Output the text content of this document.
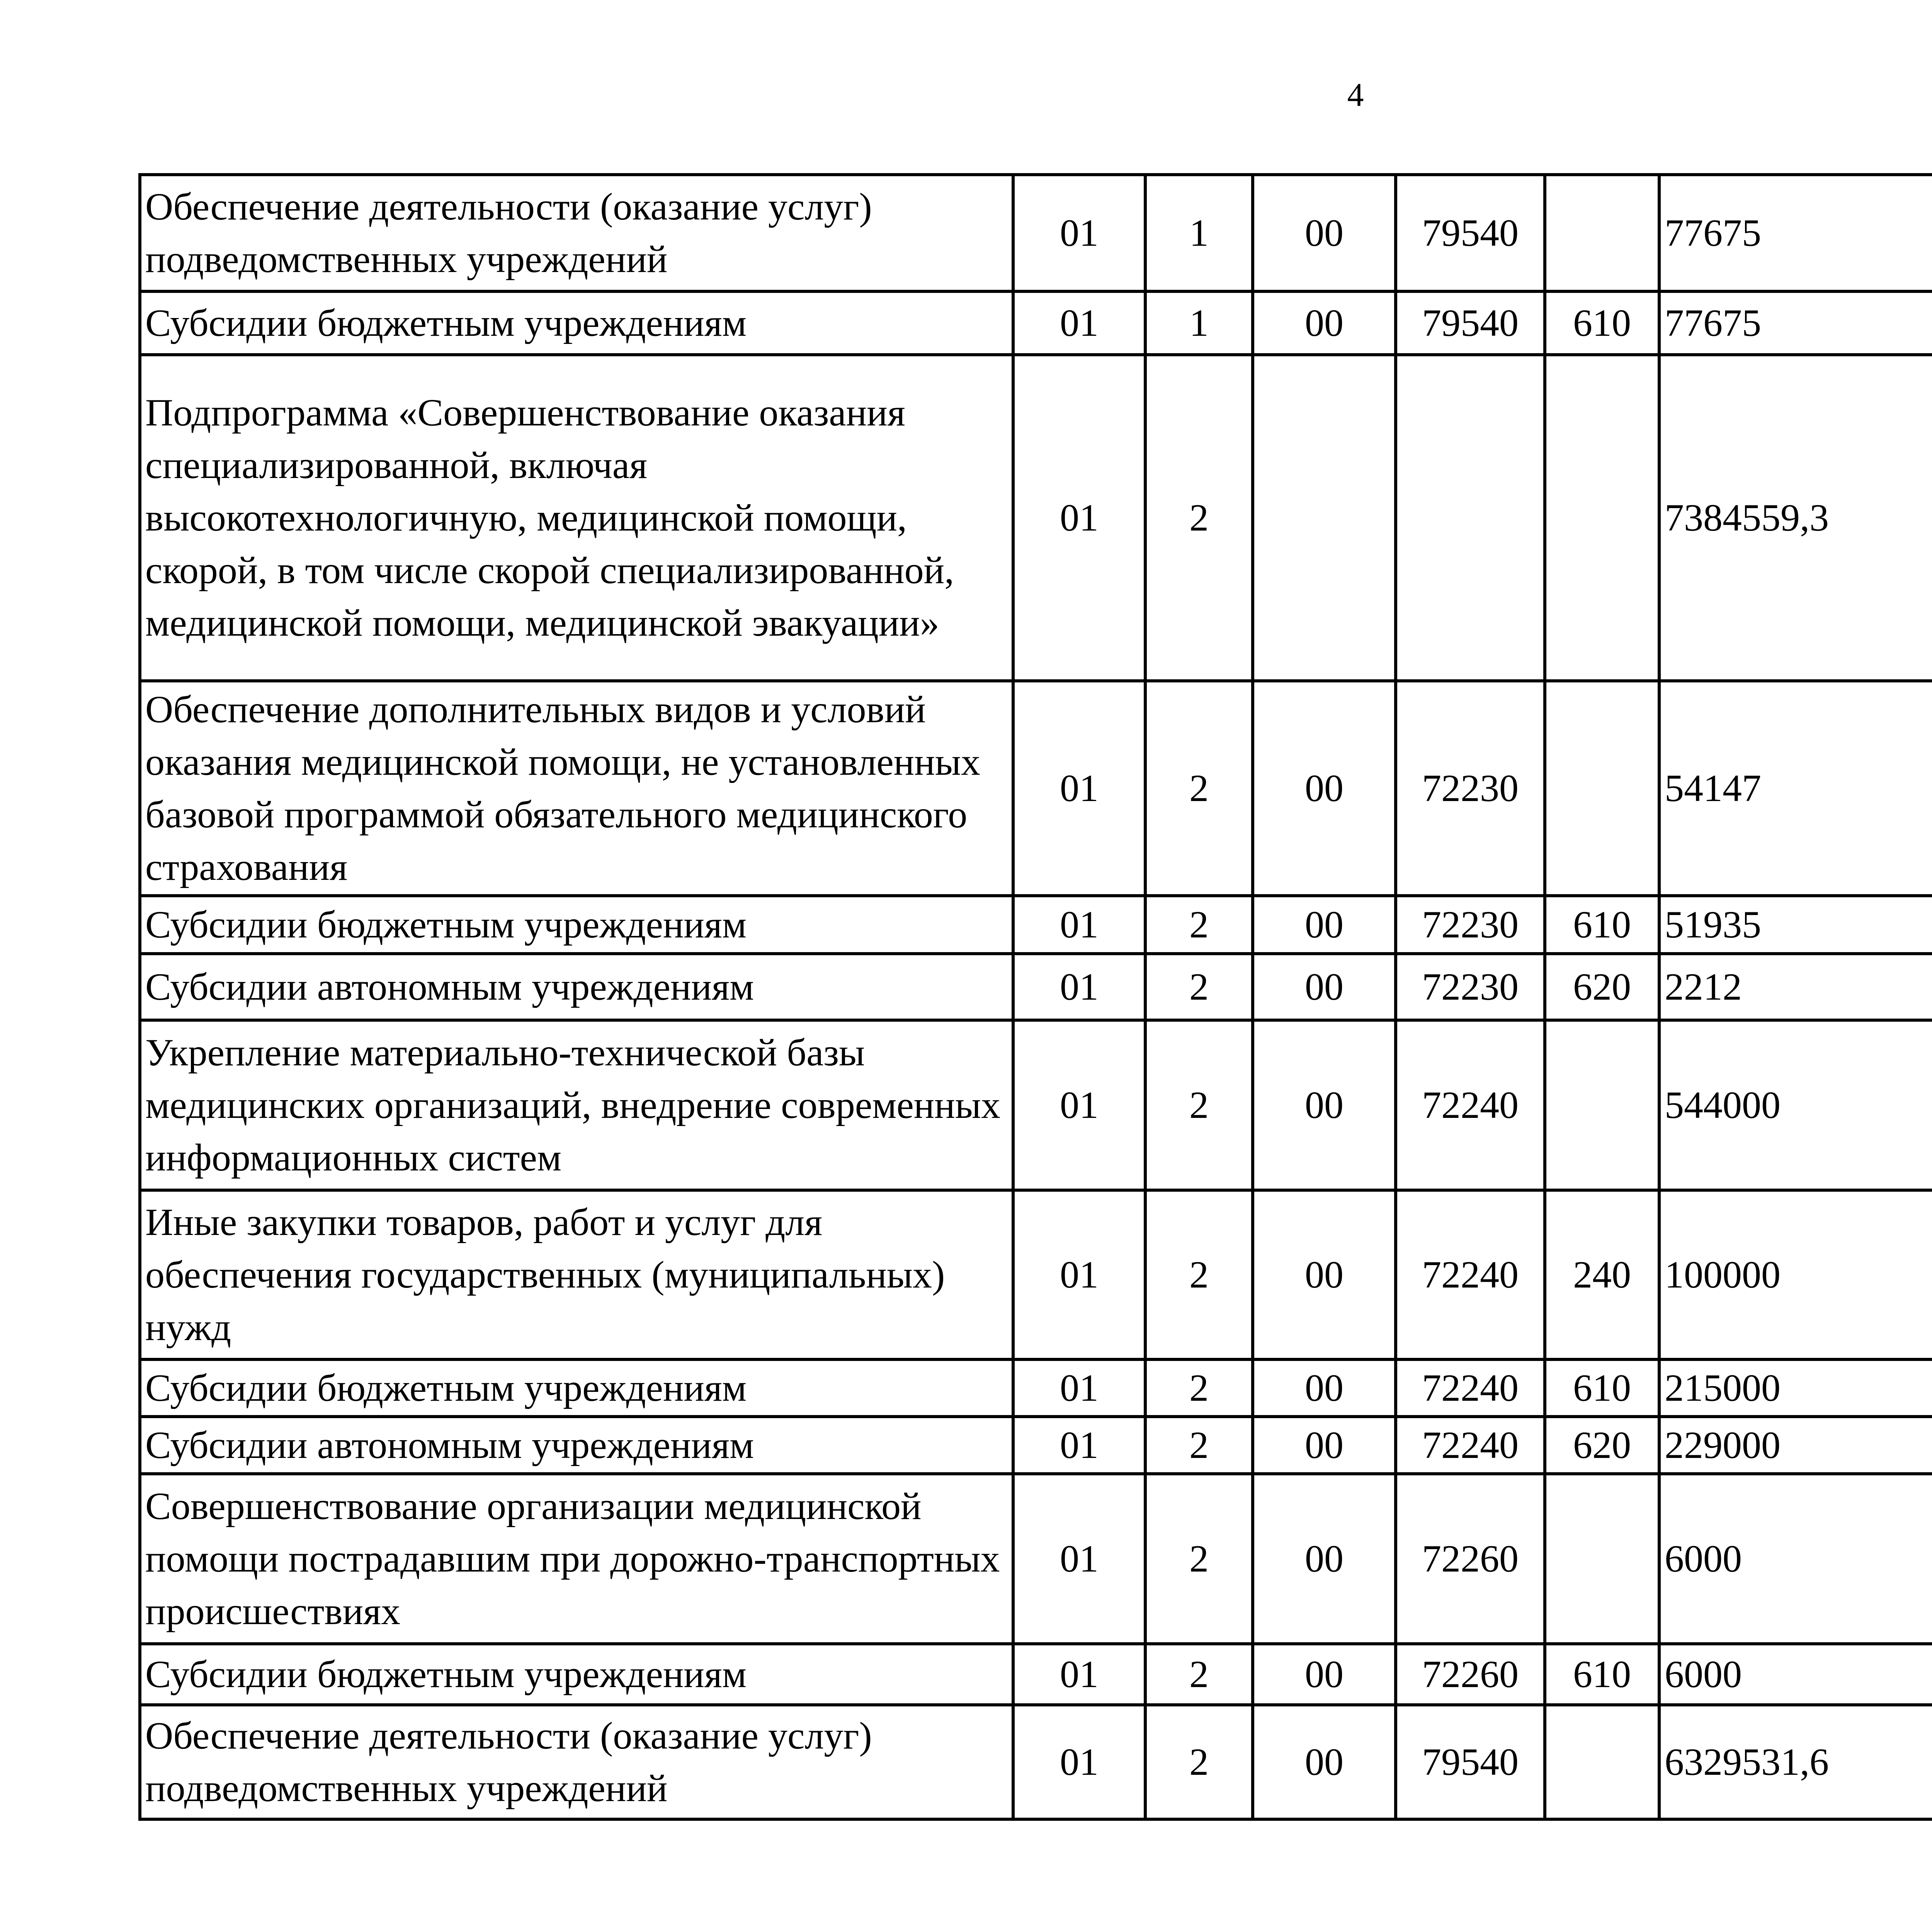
4
Обеспечение деятельности (оказание услуг) подведомственных учреждений	01	1	00	79540		77675		
Субсидии бюджетным учреждениям	01	1	00	79540	610	77675		
Подпрограмма «Совершенствование оказания специализированной, включая высокотехнологичную, медицинской помощи, скорой, в том числе скорой специализированной, медицинской помощи, медицинской эвакуации»	01	2				7384559,3		
Обеспечение дополнительных видов и условий оказания медицинской помощи, не установленных базовой программой обязательного медицинского страхования	01	2	00	72230		54147		
Субсидии бюджетным учреждениям	01	2	00	72230	610	51935		
Субсидии автономным учреждениям	01	2	00	72230	620	2212		
Укрепление материально-технической базы медицинских организаций, внедрение современных информационных систем	01	2	00	72240		544000		
Иные закупки товаров, работ и услуг для обеспечения государственных (муниципальных) нужд	01	2	00	72240	240	100000		
Субсидии бюджетным учреждениям	01	2	00	72240	610	215000		
Субсидии автономным учреждениям	01	2	00	72240	620	229000		
Совершенствование организации медицинской помощи пострадавшим при дорожно-транспортных происшествиях	01	2	00	72260		6000		
Субсидии бюджетным учреждениям	01	2	00	72260	610	6000		
Обеспечение деятельности (оказание услуг) подведомственных учреждений	01	2	00	79540		6329531,6		
